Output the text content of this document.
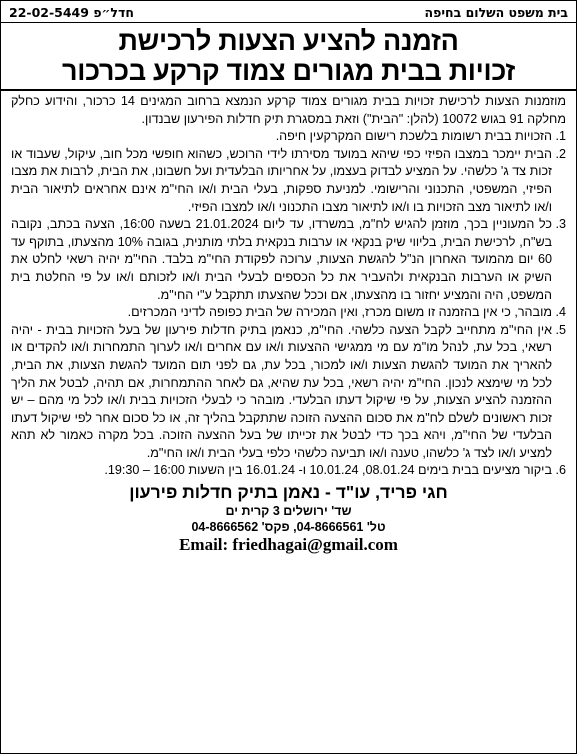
בית משפט השלום בחיפה
חדל״פ 22-02-5449
הזמנה להציע הצעות לרכישת
זכויות בבית מגורים צמוד קרקע בכרכור

מוזמנות הצעות לרכישת זכויות בבית מגורים צמוד קרקע הנמצא ברחוב המגינים 14 כרכור, והידוע כחלק מחלקה 91 בגוש 10072 (להלן: "הבית") וזאת במסגרת תיק חדלות הפירעון שבנדון.

1.
הזכויות בבית רשומות בלשכת רישום המקרקעין חיפה.
2.
הבית יימכר במצבו הפיזי כפי שיהא במועד מסירתו לידי הרוכש, כשהוא חופשי מכל חוב, עיקול, שעבוד או זכות צד ג' כלשהי. על המציע לבדוק בעצמו, על אחריותו הבלעדית ועל חשבונו, את הבית, לרבות את מצבו הפיזי, המשפטי, התכנוני והרישומי. למניעת ספקות, בעלי הבית ו/או החי"מ אינם אחראים לתיאור הבית ו/או לתיאור מצב הזכויות בו ו/או לתיאור מצבו התכנוני ו/או למצבו הפיזי.
3.
כל המעוניין בכך, מוזמן להגיש לח"מ, במשרדו, עד ליום 21.01.2024 בשעה 16:00, הצעה בכתב, נקובה בש"ח, לרכישת הבית, בליווי שיק בנקאי או ערבות בנקאית בלתי מותנית, בגובה 10% מהצעתו, בתוקף עד 60 יום מהמועד האחרון הנ"ל להגשת הצעות, ערוכה לפקודת החי"מ בלבד. החי"מ יהיה רשאי לחלט את השיק או הערבות הבנקאית ולהעביר את כל הכספים לבעלי הבית ו/או לזכותם ו/או על פי החלטת בית המשפט, היה והמציע יחזור בו מהצעתו, אם וככל שהצעתו תתקבל ע"י החי"מ.
4.
מובהר, כי אין בהזמנה זו משום מכרז, ואין המכירה של הבית כפופה לדיני המכרזים.
5.
אין החי"מ מתחייב לקבל הצעה כלשהי. החי"מ, כנאמן בתיק חדלות פירעון של בעל הזכויות בבית - יהיה רשאי, בכל עת, לנהל מו"מ עם מי ממגישי ההצעות ו/או עם אחרים ו/או לערוך התמחרות ו/או להקדים או להאריך את המועד להגשת הצעות ו/או למכור, בכל עת, גם לפני תום המועד להגשת הצעות, את הבית, לכל מי שימצא לנכון. החי"מ יהיה רשאי, בכל עת שהיא, גם לאחר ההתמחרות, אם תהיה, לבטל את הליך ההזמנה להציע הצעות, על פי שיקול דעתו הבלעדי. מובהר כי לבעלי הזכויות בבית ו/או לכל מי מהם – יש זכות ראשונים לשלם לח"מ את סכום ההצעה הזוכה שתתקבל בהליך זה, או כל סכום אחר לפי שיקול דעתו הבלעדי של החי"מ, ויהא בכך כדי לבטל את זכייתו של בעל ההצעה הזוכה. בכל מקרה כאמור לא תהא למציע ו/או לצד ג' כלשהו, טענה ו/או תביעה כלשהי כלפי בעלי הבית ו/או החי"מ.
6.
ביקור מציעים בבית בימים 08.01.24, 10.01.24 ו- 16.01.24 בין השעות 16:00 – 19:30.
חגי פריד, עו"ד - נאמן בתיק חדלות פירעון
שד' ירושלים 3 קרית ים
טל' 04-8666561, פקס' 04-8666562
Email: friedhagai@gmail.com
